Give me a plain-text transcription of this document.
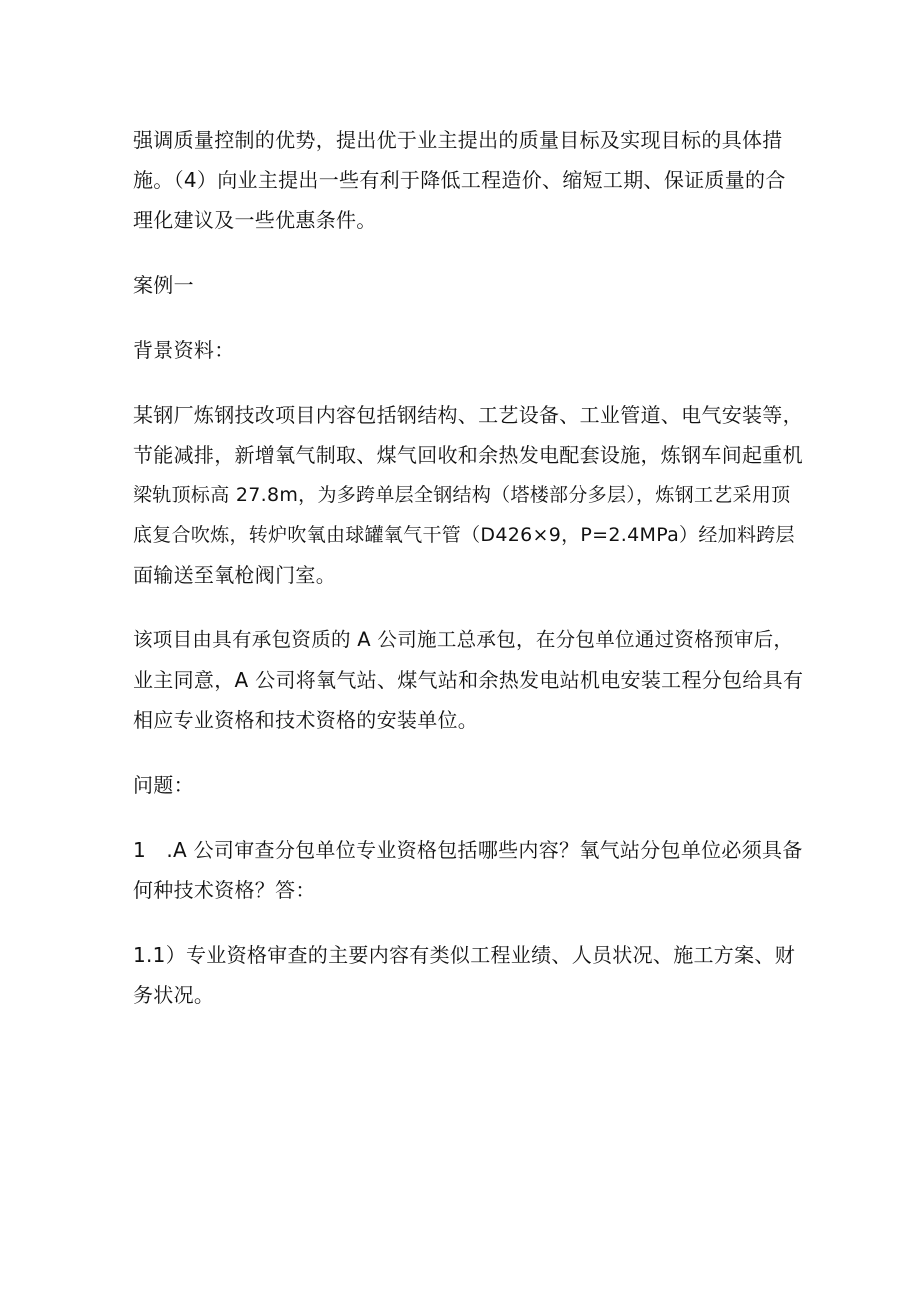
强调质量控制的优势，提出优于业主提出的质量目标及实现目标的具体措
施。（4）向业主提出一些有利于降低工程造价、缩短工期、保证质量的合
理化建议及一些优惠条件。

案例一

背景资料：

某钢厂炼钢技改项目内容包括钢结构、工艺设备、工业管道、电气安装等，
节能减排，新增氧气制取、煤气回收和余热发电配套设施，炼钢车间起重机
梁轨顶标高 27.8m，为多跨单层全钢结构（塔楼部分多层），炼钢工艺采用顶
底复合吹炼，转炉吹氧由球罐氧气干管（D426×9，P=2.4MPa）经加料跨层
面输送至氧枪阀门室。

该项目由具有承包资质的 A 公司施工总承包，在分包单位通过资格预审后，
业主同意，A 公司将氧气站、煤气站和余热发电站机电安装工程分包给具有
相应专业资格和技术资格的安装单位。

问题：

1　.A 公司审查分包单位专业资格包括哪些内容？氧气站分包单位必须具备
何种技术资格？答：

1.1）专业资格审查的主要内容有类似工程业绩、人员状况、施工方案、财
务状况。
